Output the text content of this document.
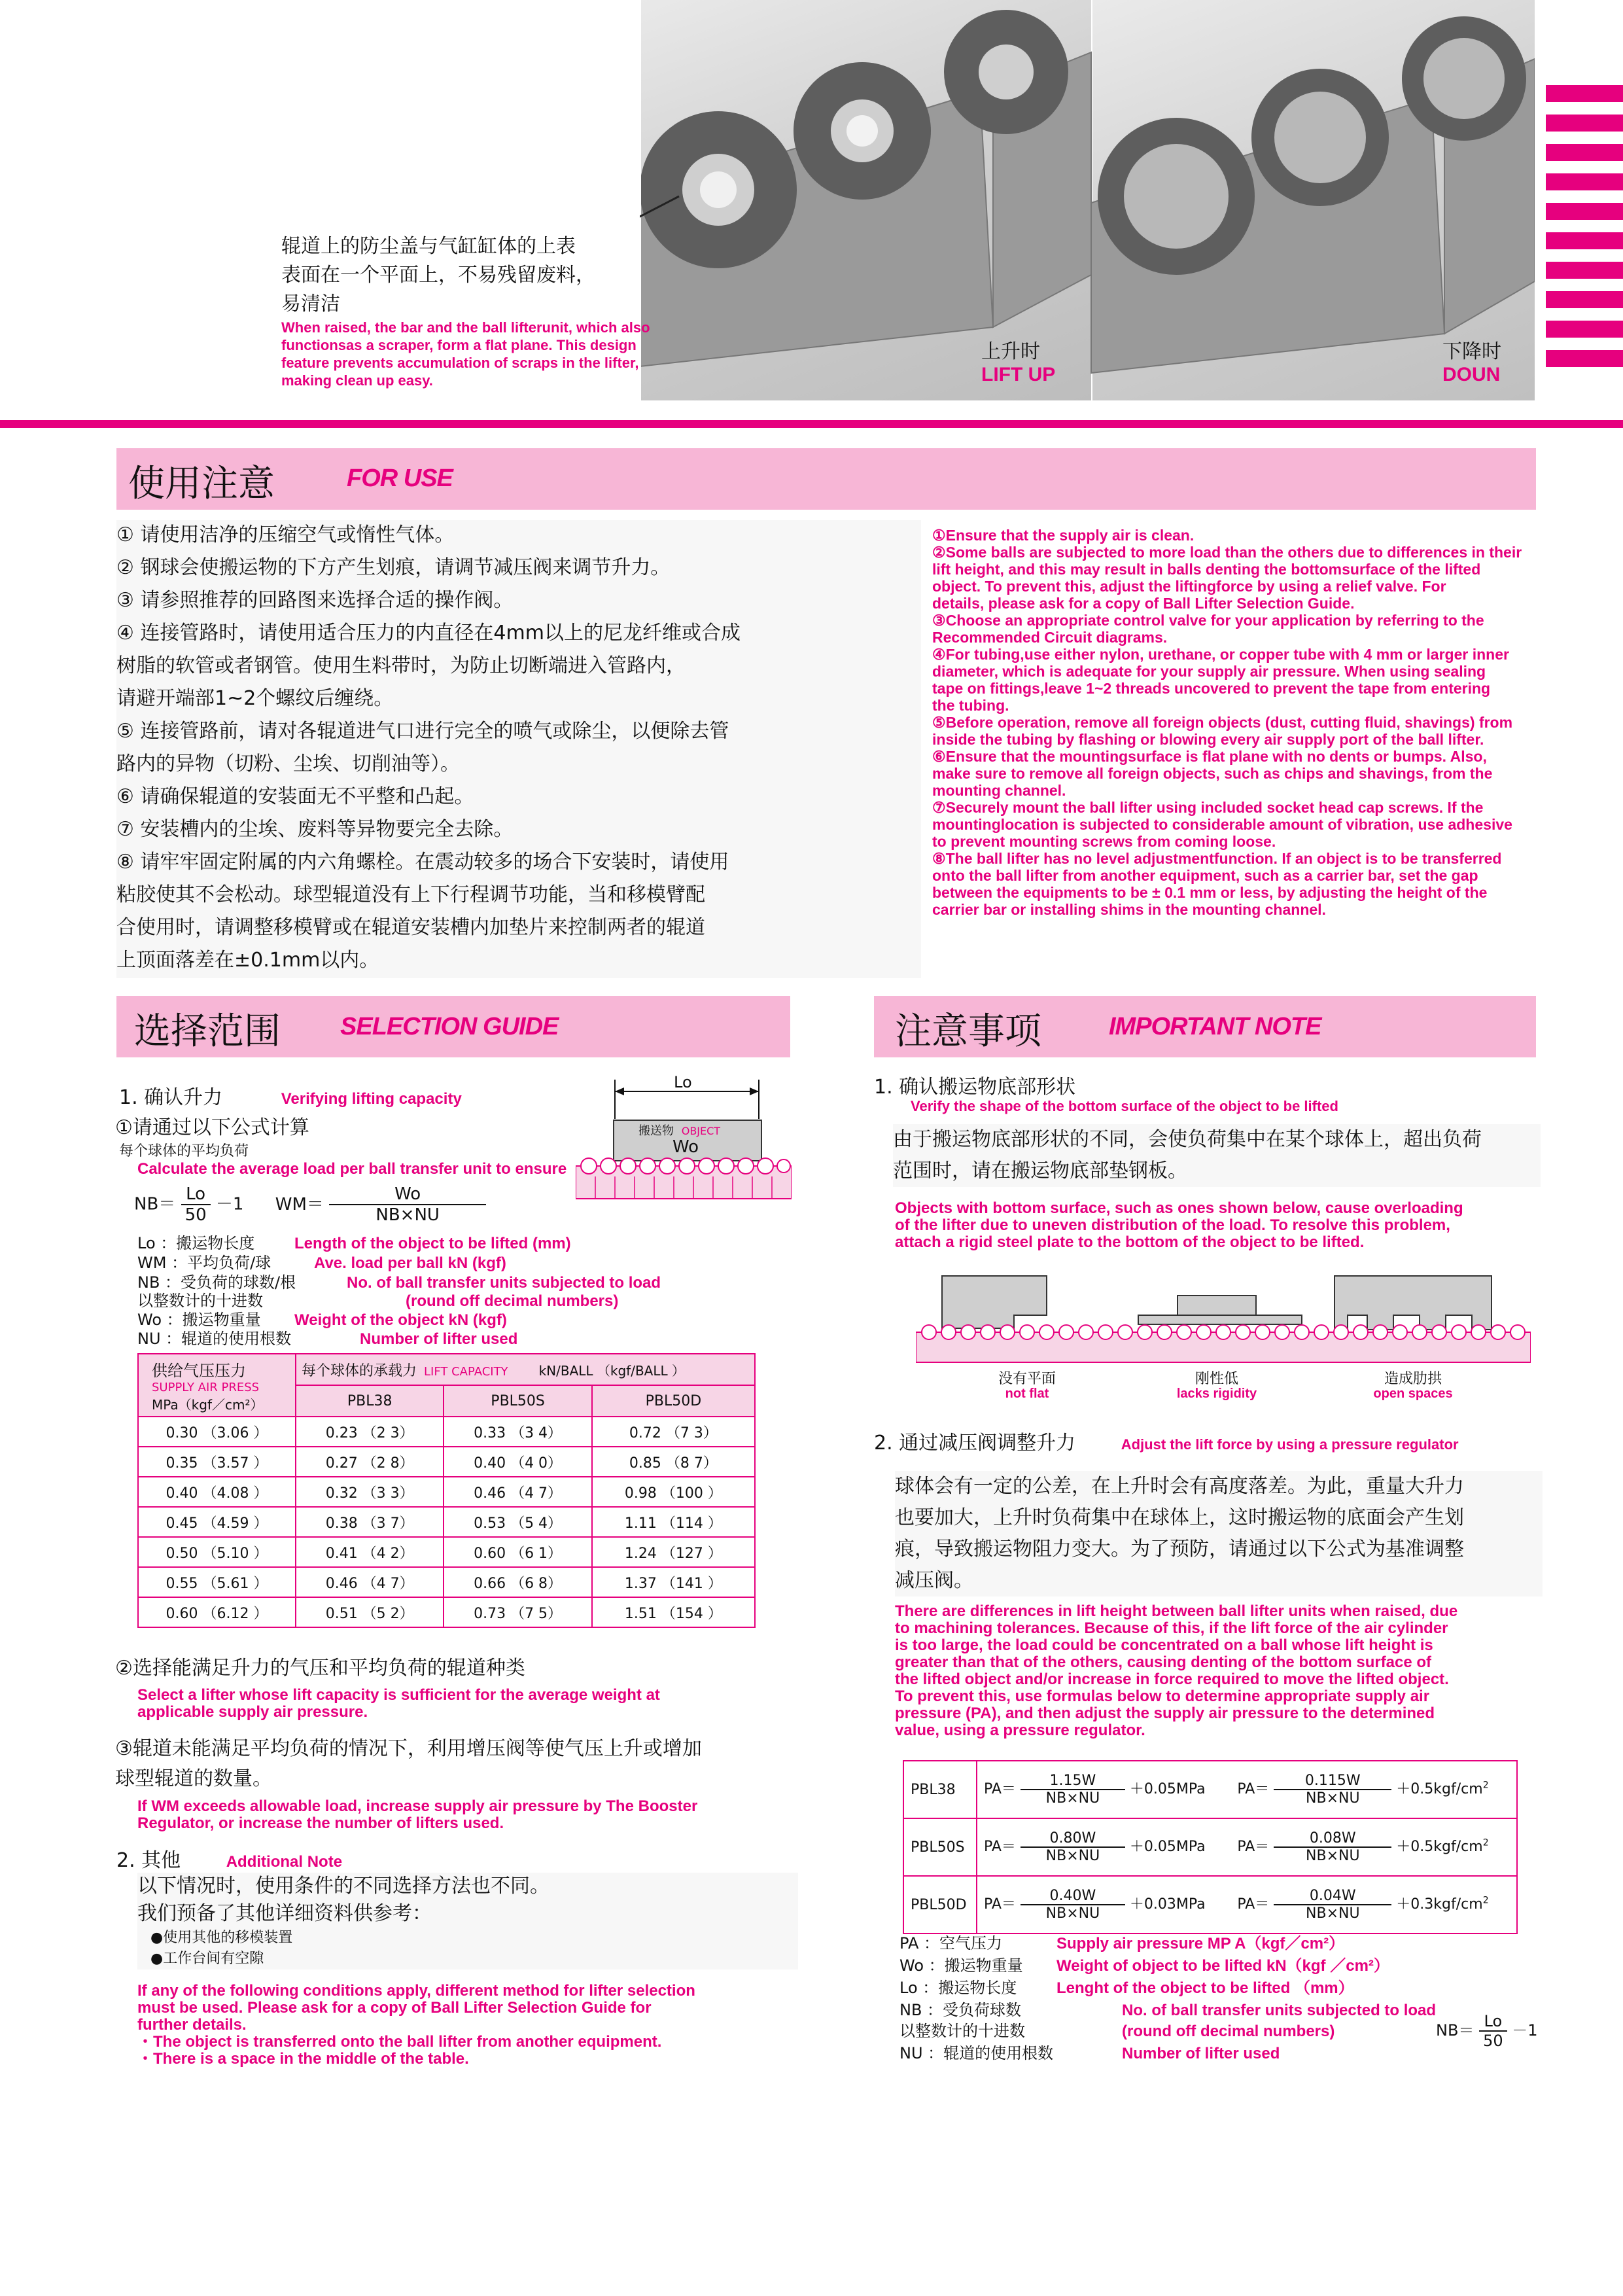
辊道上的防尘盖与气缸缸体的上表
表面在一个平面上，不易残留废料，
易清洁
When raised, the bar and the ball lifterunit, which also
functionsas a scraper, form a flat plane. This design
feature prevents accumulation of scraps in the lifter,
making clean up easy.
上升时
LIFT UP
下降时
DOUN
使用注意	FOR USE
① 请使用洁净的压缩空气或惰性气体。
② 钢球会使搬运物的下方产生划痕，请调节减压阀来调节升力。
③ 请参照推荐的回路图来选择合适的操作阀。
④ 连接管路时，请使用适合压力的内直径在4mm以上的尼龙纤维或合成
树脂的软管或者钢管。使用生料带时，为防止切断端进入管路内，
请避开端部1~2个螺纹后缠绕。
⑤ 连接管路前，请对各辊道进气口进行完全的喷气或除尘，以便除去管
路内的异物（切粉、尘埃、切削油等）。
⑥ 请确保辊道的安装面无不平整和凸起。
⑦ 安装槽内的尘埃、废料等异物要完全去除。
⑧ 请牢牢固定附属的内六角螺栓。在震动较多的场合下安装时，请使用
粘胶使其不会松动。球型辊道没有上下行程调节功能，当和移模臂配
合使用时，请调整移模臂或在辊道安装槽内加垫片来控制两者的辊道
上顶面落差在±0.1mm以内。
①Ensure that the supply air is clean.
②Some balls are subjected to more load than the others due to differences in their
lift height, and this may result in balls denting the bottomsurface of the lifted
object. To prevent this, adjust the liftingforce by using a relief valve. For
details, please ask for a copy of Ball Lifter Selection Guide.
③Choose an appropriate control valve for your application by referring to the
Recommended Circuit diagrams.
④For tubing,use either nylon, urethane, or copper tube with 4 mm or larger inner
diameter, which is adequate for your supply air pressure. When using sealing
tape on fittings,leave 1~2 threads uncovered to prevent the tape from entering
the tubing.
⑤Before operation, remove all foreign objects (dust, cutting fluid, shavings) from
inside the tubing by flashing or blowing every air supply port of the ball lifter.
⑥Ensure that the mountingsurface is flat plane with no dents or bumps. Also,
make sure to remove all foreign objects, such as chips and shavings, from the
mounting channel.
⑦Securely mount the ball lifter using included socket head cap screws. If the
mountinglocation is subjected to considerable amount of vibration, use adhesive
to prevent mounting screws from coming loose.
⑧The ball lifter has no level adjustmentfunction. If an object is to be transferred
onto the ball lifter from another equipment, such as a carrier bar, set the gap
between the equipments to be ± 0.1 mm or less, by adjusting the height of the
carrier bar or installing shims in the mounting channel.
选择范围 SELECTION GUIDE
1. 确认升力	Verifying lifting capacity
①请通过以下公式计算
每个球体的平均负荷
Calculate the average load per ball transfer unit to ensure
$NB= \frac{Lo}{50} -1$ $WM= \frac{Wo}{NB\times NU}$
Lo
搬送物 OBJECT
Wo
Lo ：搬运物长度	Length of the object to be lifted (mm)
WM ：平均负荷/球	Ave. load per ball kN (kgf)
NB ：受负荷的球数/根	No. of ball transfer units subjected to load
以整数计的十进数	(round off decimal numbers)
Wo ：搬运物重量 Weight of the object kN (kgf)
NU ：辊道的使用根数	Number of lifter used
供给气压压力
SUPPLY AIR PRESS
MPa（kgf／cm²）	每个球体的承载力 LIFT CAPACITY kN/BALL （kgf/BALL ）		
	PBL38	PBL50S	PBL50D
0.30 （3.06 ）	0.23 （2 3）	0.33 （3 4）	0.72 （7 3）
0.35 （3.57 ）	0.27 （2 8）	0.40 （4 0）	0.85 （8 7）
0.40 （4.08 ）	0.32 （3 3）	0.46 （4 7）	0.98 （100 ）
0.45 （4.59 ）	0.38 （3 7）	0.53 （5 4）	1.11 （114 ）
0.50 （5.10 ）	0.41 （4 2）	0.60 （6 1）	1.24 （127 ）
0.55 （5.61 ）	0.46 （4 7）	0.66 （6 8）	1.37 （141 ）
0.60 （6.12 ）	0.51 （5 2）	0.73 （7 5）	1.51 （154 ）
②选择能满足升力的气压和平均负荷的辊道种类
Select a lifter whose lift capacity is sufficient for the average weight at
applicable supply air pressure.
③辊道未能满足平均负荷的情况下，利用增压阀等使气压上升或增加
球型辊道的数量。
If WM exceeds allowable load, increase supply air pressure by The Booster
Regulator, or increase the number of lifters used.
2. 其他	Additional Note
以下情况时，使用条件的不同选择方法也不同。
我们预备了其他详细资料供参考：
●使用其他的移模装置
●工作台间有空隙
If any of the following conditions apply, different method for lifter selection
must be used. Please ask for a copy of Ball Lifter Selection Guide for
further details.
・The object is transferred onto the ball lifter from another equipment.
・There is a space in the middle of the table.
注意事项	IMPORTANT NOTE
1. 确认搬运物底部形状
Verify the shape of the bottom surface of the object to be lifted
由于搬运物底部形状的不同，会使负荷集中在某个球体上，超出负荷
范围时，请在搬运物底部垫钢板。
Objects with bottom surface, such as ones shown below, cause overloading
of the lifter due to uneven distribution of the load. To resolve this problem,
attach a rigid steel plate to the bottom of the object to be lifted.
没有平面
not flat
刚性低
lacks rigidity
造成肋拱
open spaces
2. 通过减压阀调整升力	Adjust the lift force by using a pressure regulator
球体会有一定的公差，在上升时会有高度落差。为此，重量大升力
也要加大，上升时负荷集中在球体上，这时搬运物的底面会产生划
痕，导致搬运物阻力变大。为了预防，请通过以下公式为基准调整
减压阀。
There are differences in lift height between ball lifter units when raised, due
to machining tolerances. Because of this, if the lift force of the air cylinder
is too large, the load could be concentrated on a ball whose lift height is
greater than that of the others, causing denting of the bottom surface of
the lifted object and/or increase in force required to move the lifted object.
To prevent this, use formulas below to determine appropriate supply air
pressure (PA), and then adjust the supply air pressure to the determined
value, using a pressure regulator.
PBL38	$PA= \frac{1.15W}{NB\times NU} +0.05MPa$	$PA= \frac{0.115W}{NB\times NU} +0.5kgf/cm^2$
PBL50S	$PA= \frac{0.80W}{NB\times NU} +0.05MPa$	$PA= \frac{0.08W}{NB\times NU} +0.5kgf/cm^2$
PBL50D	$PA= \frac{0.40W}{NB\times NU} +0.03MPa$	$PA= \frac{0.04W}{NB\times NU} +0.3kgf/cm^2$
PA ：空气压力	Supply air pressure MP A（kgf／cm²）
Wo ：搬运物重量 Weight of object to be lifted kN（kgf ／cm²）
Lo ：搬运物长度	Lenght of the object to be lifted （mm）
NB ：受负荷球数	No. of ball transfer units subjected to load
以整数计的十进数	(round off decimal numbers)
NU ：辊道的使用根数	Number of lifter used
$NB= \frac{Lo}{50} -1$
